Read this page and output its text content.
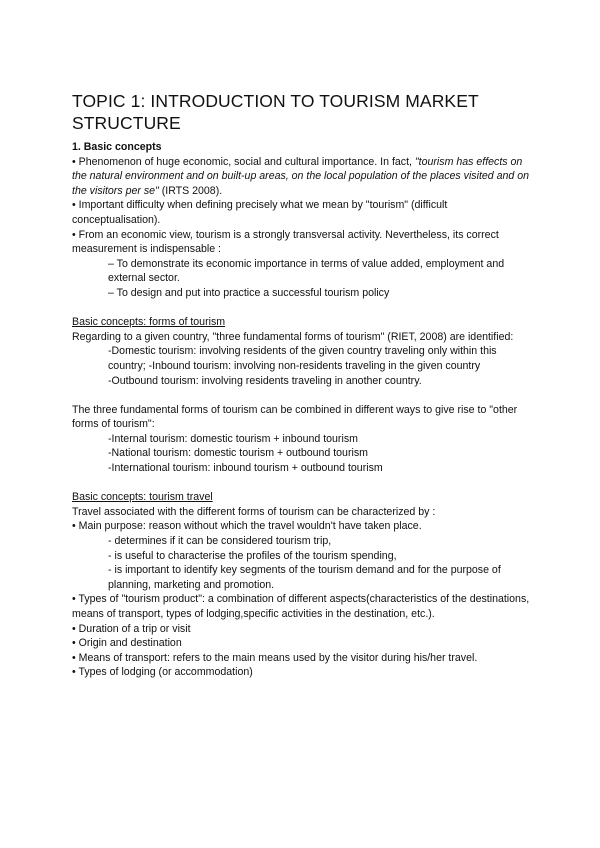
TOPIC 1: INTRODUCTION TO TOURISM MARKET STRUCTURE

1. Basic concepts

• Phenomenon of huge economic, social and cultural importance. In fact, "tourism has effects on the natural environment and on built-up areas, on the local population of the places visited and on the visitors per se" (IRTS 2008).

• Important difficulty when defining precisely what we mean by "tourism" (difficult conceptualisation).

• From an economic view, tourism is a strongly transversal activity. Nevertheless, its correct measurement is indispensable :

– To demonstrate its economic importance in terms of value added, employment and external sector.

– To design and put into practice a successful tourism policy

Basic concepts: forms of tourism

Regarding to a given country, "three fundamental forms of tourism" (RIET, 2008) are identified:

-Domestic tourism: involving residents of the given country traveling only within this country; -Inbound tourism: involving non-residents traveling in the given country

-Outbound tourism: involving residents traveling in another country.

The three fundamental forms of tourism can be combined in different ways to give rise to "other forms of tourism":

-Internal tourism: domestic tourism + inbound tourism

-National tourism: domestic tourism + outbound tourism

-International tourism: inbound tourism + outbound tourism

Basic concepts: tourism travel

Travel associated with the different forms of tourism can be characterized by :

• Main purpose: reason without which the travel wouldn't have taken place.

- determines if it can be considered tourism trip,

- is useful to characterise the profiles of the tourism spending,

- is important to identify key segments of the tourism demand and for the purpose of planning, marketing and promotion.

• Types of "tourism product": a combination of different aspects(characteristics of the destinations, means of transport, types of lodging,specific activities in the destination, etc.).

• Duration of a trip or visit

• Origin and destination

• Means of transport: refers to the main means used by the visitor during his/her travel.

• Types of lodging (or accommodation)
